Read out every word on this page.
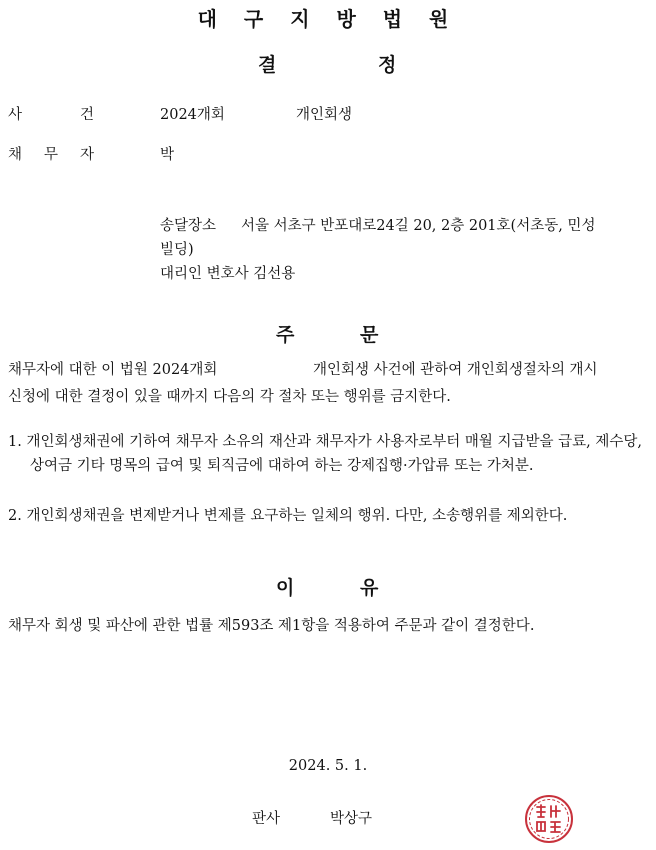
대 구 지 방 법 원
결	정
사	건	2024개회	개인회생
채 무 자	박
송달장소 서울 서초구 반포대로24길 20, 2층 201호(서초동, 민성
빌딩)
대리인 변호사 김선용
주	문
채무자에 대한 이 법원 2024개회	개인회생 사건에 관하여 개인회생절차의 개시
신청에 대한 결정이 있을 때까지 다음의 각 절차 또는 행위를 금지한다.
1. 개인회생채권에 기하여 채무자 소유의 재산과 채무자가 사용자로부터 매월 지급받을 급료, 제수당, 상여금 기타 명목의 급여 및 퇴직금에 대하여 하는 강제집행·가압류 또는 가처분.
2. 개인회생채권을 변제받거나 변제를 요구하는 일체의 행위. 다만, 소송행위를 제외한다.
이	유
채무자 회생 및 파산에 관한 법률 제593조 제1항을 적용하여 주문과 같이 결정한다.
2024. 5. 1.
판사	박상구
